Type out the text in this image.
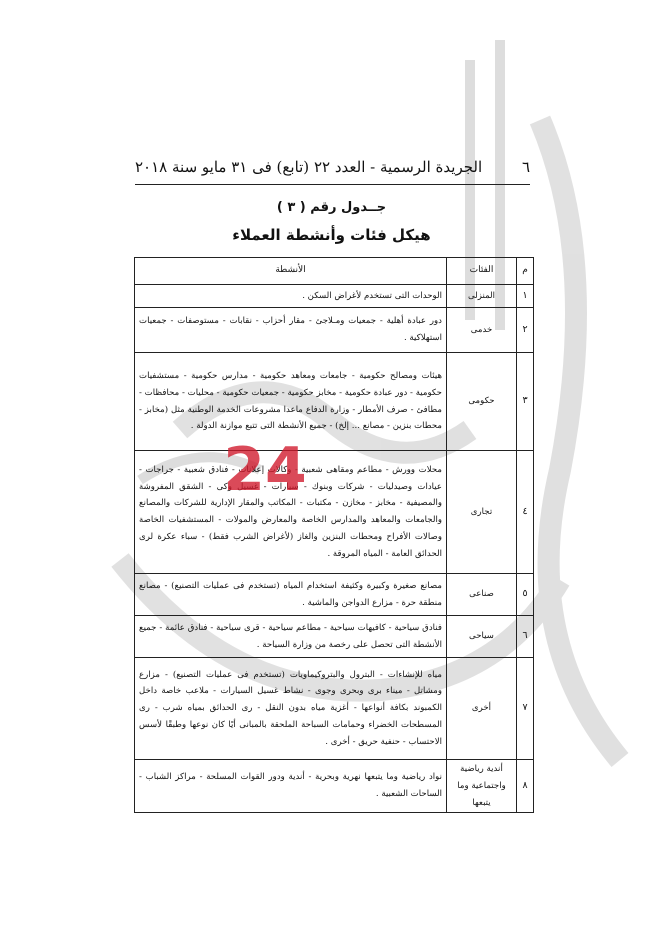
٦
الجريدة الرسمية - العدد ٢٢ (تابع) فى ٣١ مايو سنة ٢٠١٨
جــدول رقم ( ٣ )
هيكل فئات وأنشطة العملاء
م	الفئات	الأنشطة
١	المنزلى	الوحدات التى تستخدم لأغراض السكن .
٢	خدمى	دور عبادة أهلية - جمعيات ومـلاجئ - مقار أحزاب - نقابات - مستوصفات - جمعيات استهلاكية .
٣	حكومى	هيئات ومصالح حكومية - جامعات ومعاهد حكومية - مدارس حكومية - مستشفيات حكومية - دور عبادة حكومية - مخابز حكومية - جمعيات حكومية - محليات - محافظات - مطافئ - صرف الأمطار - وزارة الدفاع ماعدا مشروعات الخدمة الوطنية مثل (مخابز - محطات بنزين - مصانع ... إلخ) - جميع الأنشطة التى تتبع موازنة الدولة .
٤	تجارى	محلات وورش - مطاعم ومقاهى شعبية - وكالات إعلانات - فنادق شعبية - جراجات - عيادات وصيدليات - شركات وبنوك - سيارات - غسيل وكى - الشقق المفروشة والمصيفية - مخابز - مخازن - مكتبات - المكاتب والمقار الإدارية للشركات والمصانع والجامعات والمعاهد والمدارس الخاصة والمعارض والمولات - المستشفيات الخاصة وصالات الأفراح ومحطات البنزين والغاز (لأغراض الشرب فقط) - سباء عكرة لرى الحدائق العامة - المياه المروقة .
٥	صناعى	مصانع صغيرة وكبيرة وكثيفة استخدام المياه (تستخدم فى عمليات التصنيع) - مصانع منطقة حرة - مزارع الدواجن والماشية .
٦	سياحى	فنادق سياحية - كافيهات سياحية - مطاعم سياحية - قرى سياحية - فنادق عائمة - جميع الأنشطة التى تحصل على رخصة من وزارة السياحة .
٧	أخرى	مياه للإنشاءات - البترول والبتروكيماويات (تستخدم فى عمليات التصنيع) - مزارع ومشاتل - ميناء برى وبحرى وجوى - نشاط غسيل السيارات - ملاعب خاصة داخل الكمبوند بكافة أنواعها - أغزية مياه بدون النقل - رى الحدائق بمياه شرب - رى المسطحات الخضراء وحمامات السباحة الملحقة بالمبانى أيًا كان نوعها وطبقًا لأسس الاحتساب - حنفية حريق - أخرى .
٨	أندية رياضية واجتماعية وما يتبعها	نواد رياضية وما يتبعها نهرية وبحرية - أندية ودور القوات المسلحة - مراكز الشباب - الساحات الشعبية .
24
